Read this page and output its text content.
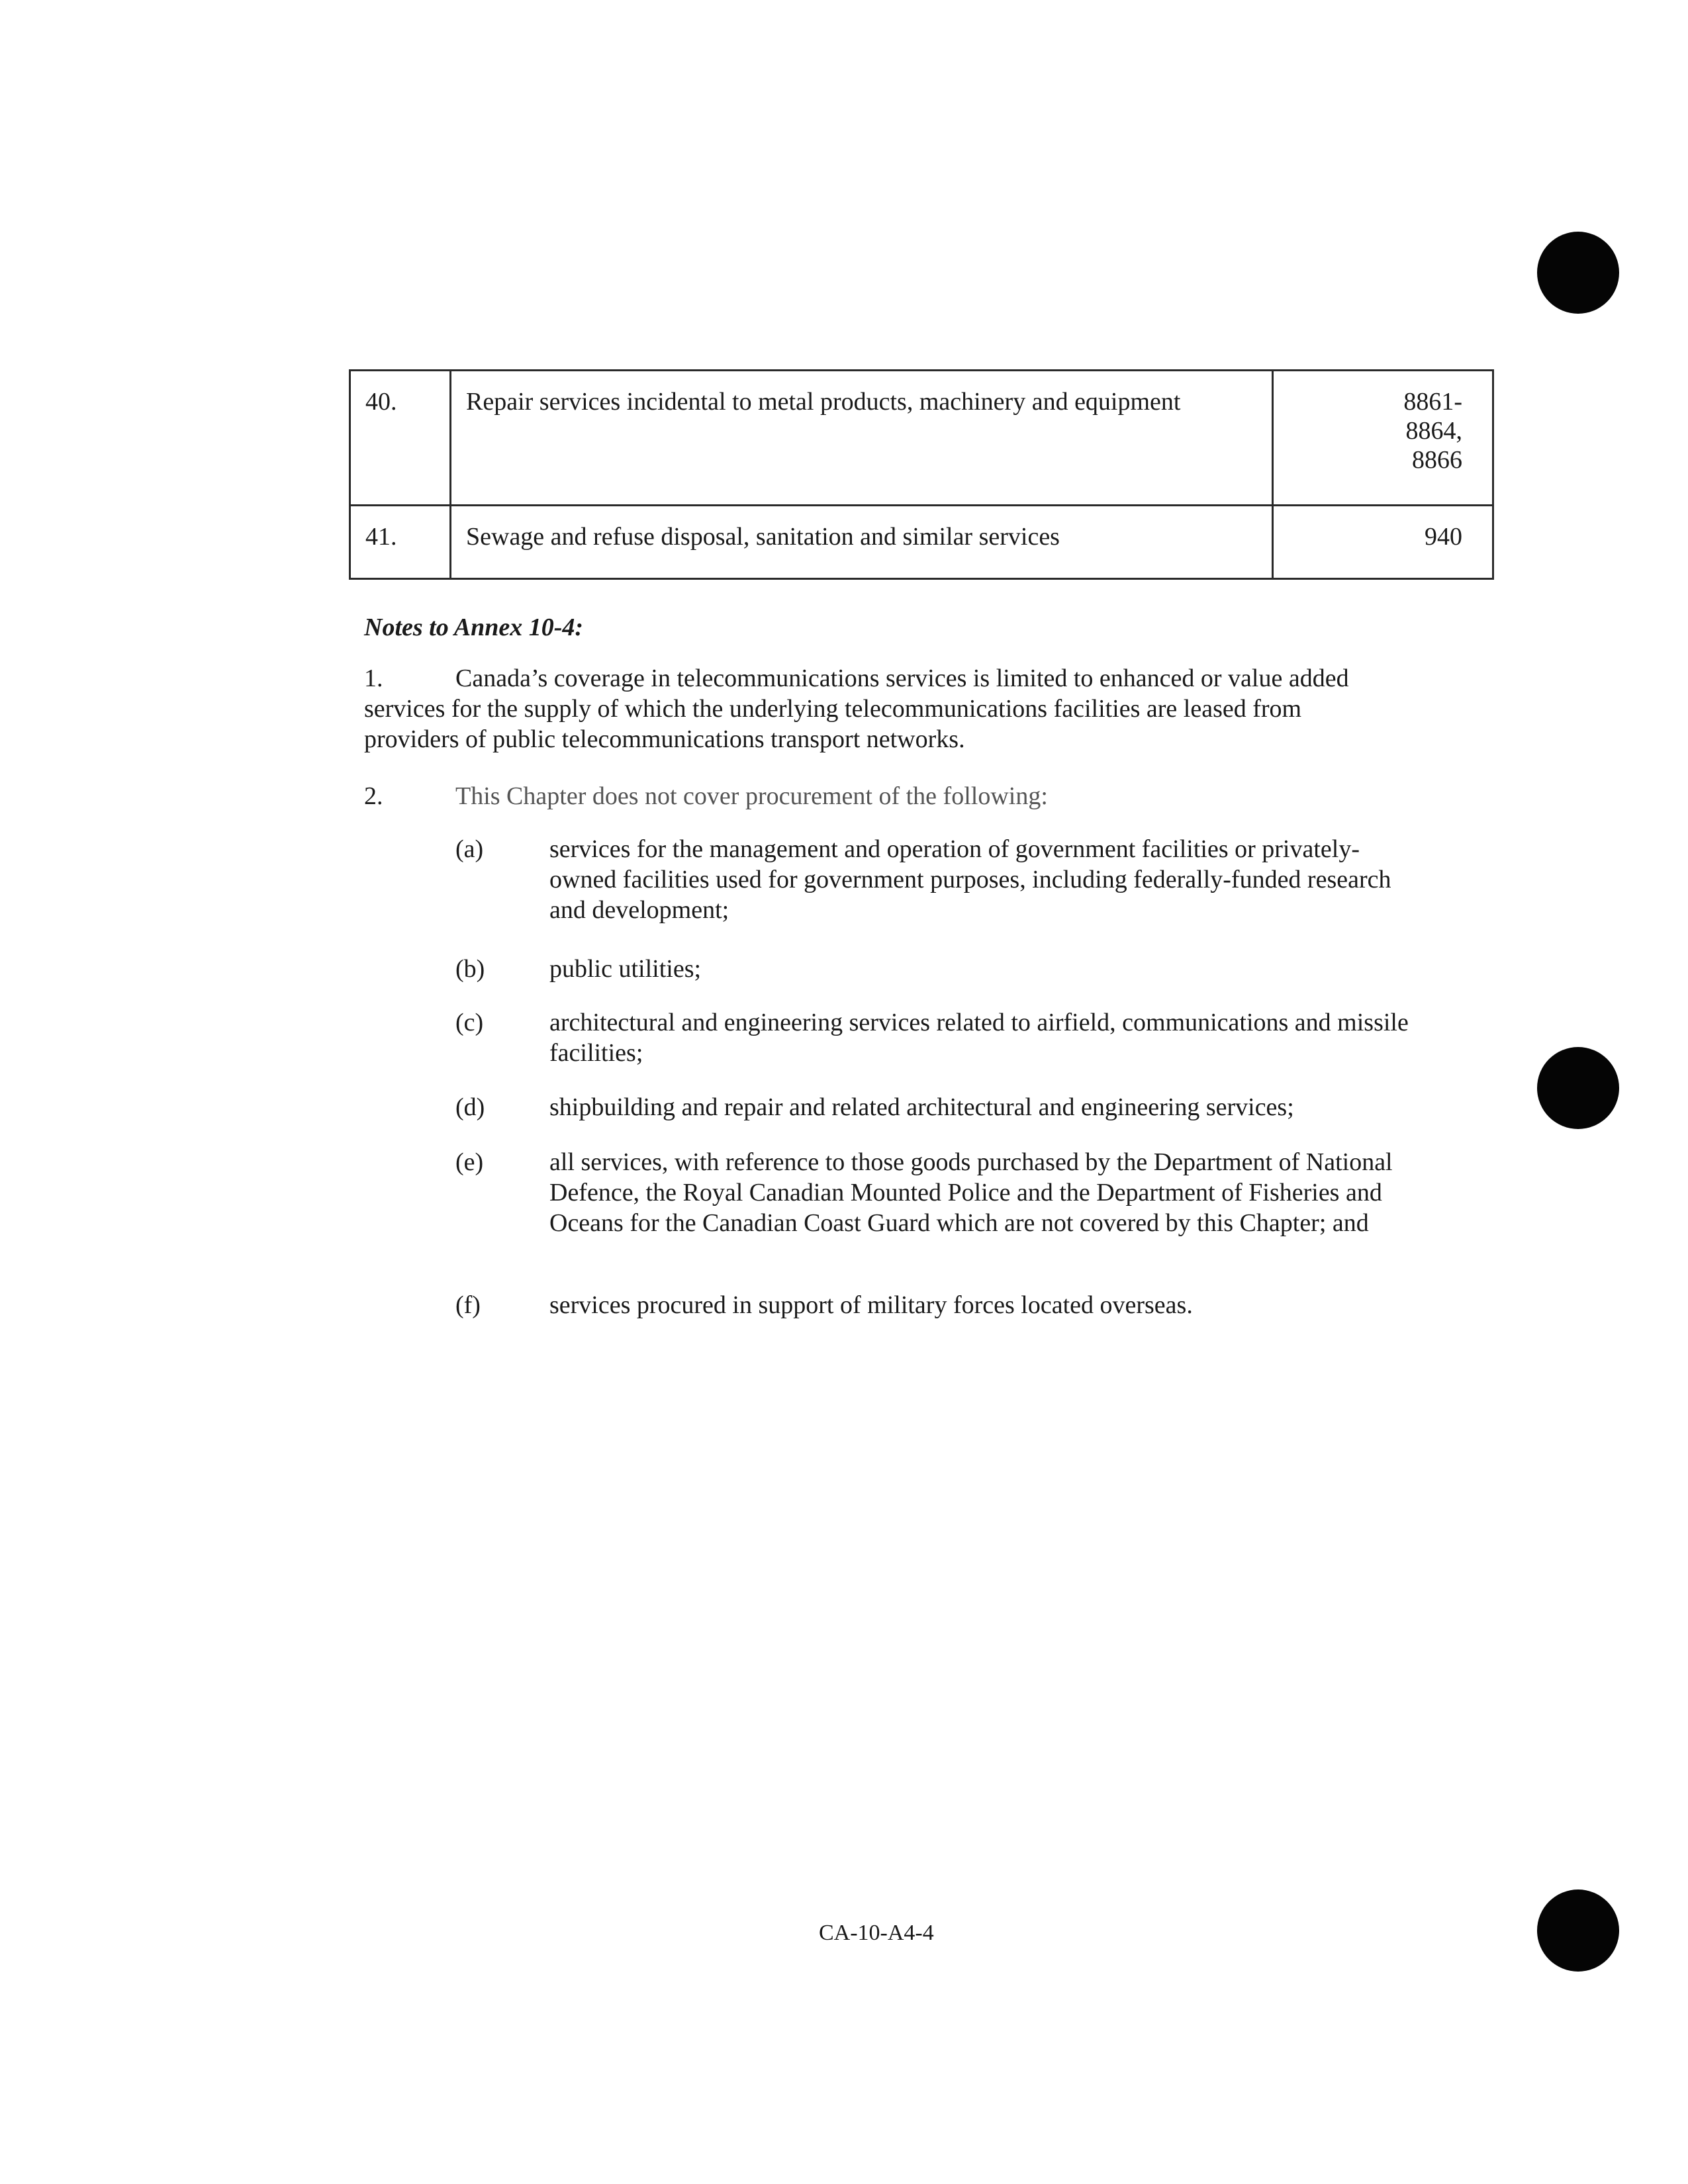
40.	Repair services incidental to metal products, machinery and equipment	8861-
8864,
8866

41.	Sewage and refuse disposal, sanitation and similar services	940
Notes to Annex 10-4:
1.	Canada’s coverage in telecommunications services is limited to enhanced or value added services for the supply of which the underlying telecommunications facilities are leased from providers of public telecommunications transport networks.
2.	This Chapter does not cover procurement of the following:
(a)	services for the management and operation of government facilities or privately-owned facilities used for government purposes, including federally-funded research and development;
(b)	public utilities;
(c)	architectural and engineering services related to airfield, communications and missile facilities;
(d)	shipbuilding and repair and related architectural and engineering services;
(e)	all services, with reference to those goods purchased by the Department of National Defence, the Royal Canadian Mounted Police and the Department of Fisheries and Oceans for the Canadian Coast Guard which are not covered by this Chapter; and
(f)	services procured in support of military forces located overseas.
CA-10-A4-4
